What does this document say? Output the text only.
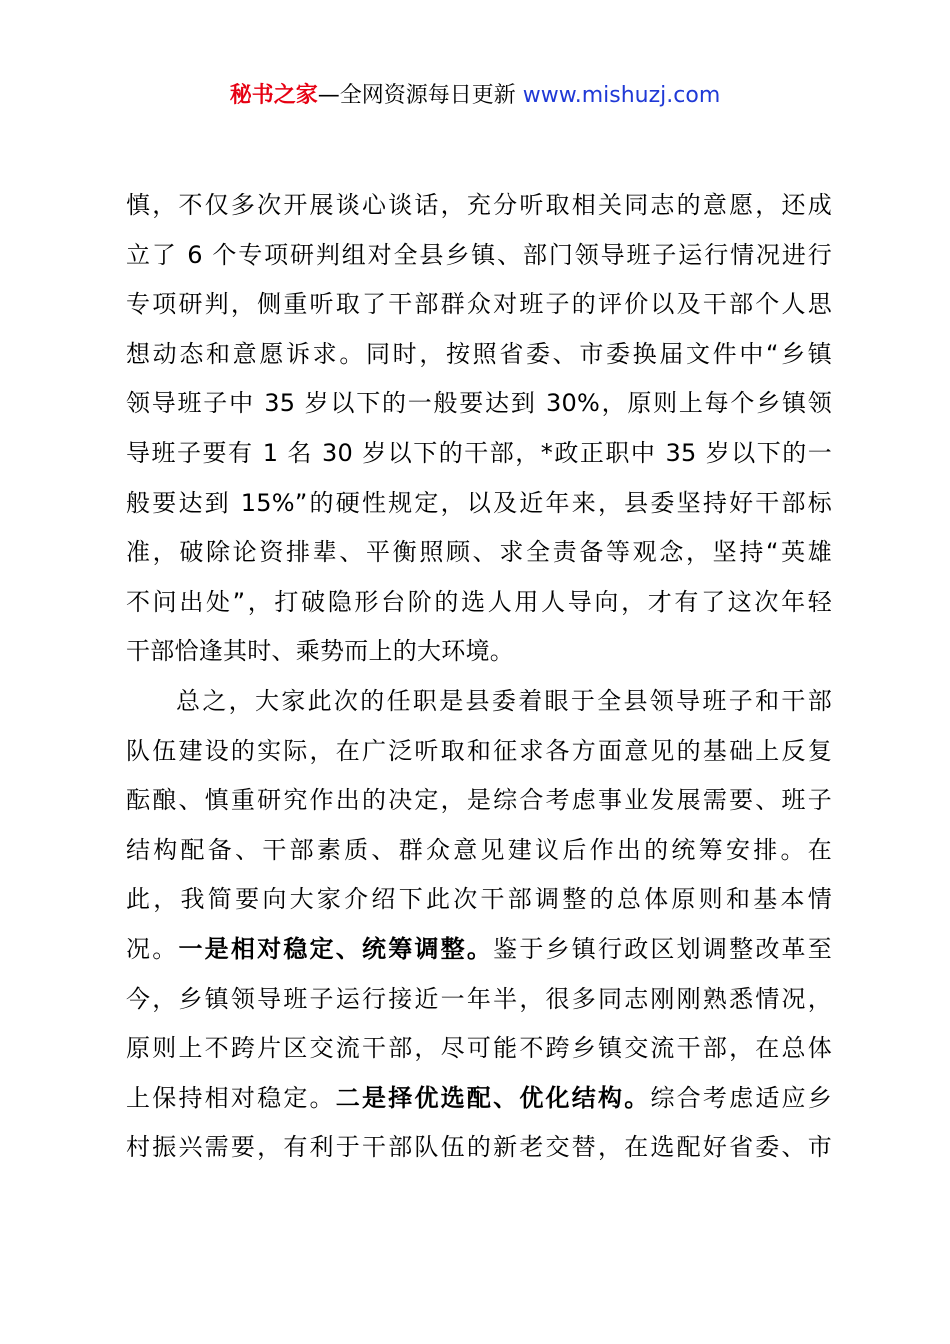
秘书之家—全网资源每日更新 www.mishuzj.com
慎，不仅多次开展谈心谈话，充分听取相关同志的意愿，还成
立了 6 个专项研判组对全县乡镇、部门领导班子运行情况进行
专项研判，侧重听取了干部群众对班子的评价以及干部个人思
想动态和意愿诉求。同时，按照省委、市委换届文件中“乡镇
领导班子中 35 岁以下的一般要达到 30%，原则上每个乡镇领
导班子要有 1 名 30 岁以下的干部，*政正职中 35 岁以下的一
般要达到 15%”的硬性规定，以及近年来，县委坚持好干部标
准，破除论资排辈、平衡照顾、求全责备等观念，坚持“英雄
不问出处”，打破隐形台阶的选人用人导向，才有了这次年轻
干部恰逢其时、乘势而上的大环境。
总之，大家此次的任职是县委着眼于全县领导班子和干部
队伍建设的实际，在广泛听取和征求各方面意见的基础上反复
酝酿、慎重研究作出的决定，是综合考虑事业发展需要、班子
结构配备、干部素质、群众意见建议后作出的统筹安排。在
此，我简要向大家介绍下此次干部调整的总体原则和基本情
况。一是相对稳定、统筹调整。鉴于乡镇行政区划调整改革至
今，乡镇领导班子运行接近一年半，很多同志刚刚熟悉情况，
原则上不跨片区交流干部，尽可能不跨乡镇交流干部，在总体
上保持相对稳定。二是择优选配、优化结构。综合考虑适应乡
村振兴需要，有利于干部队伍的新老交替，在选配好省委、市
